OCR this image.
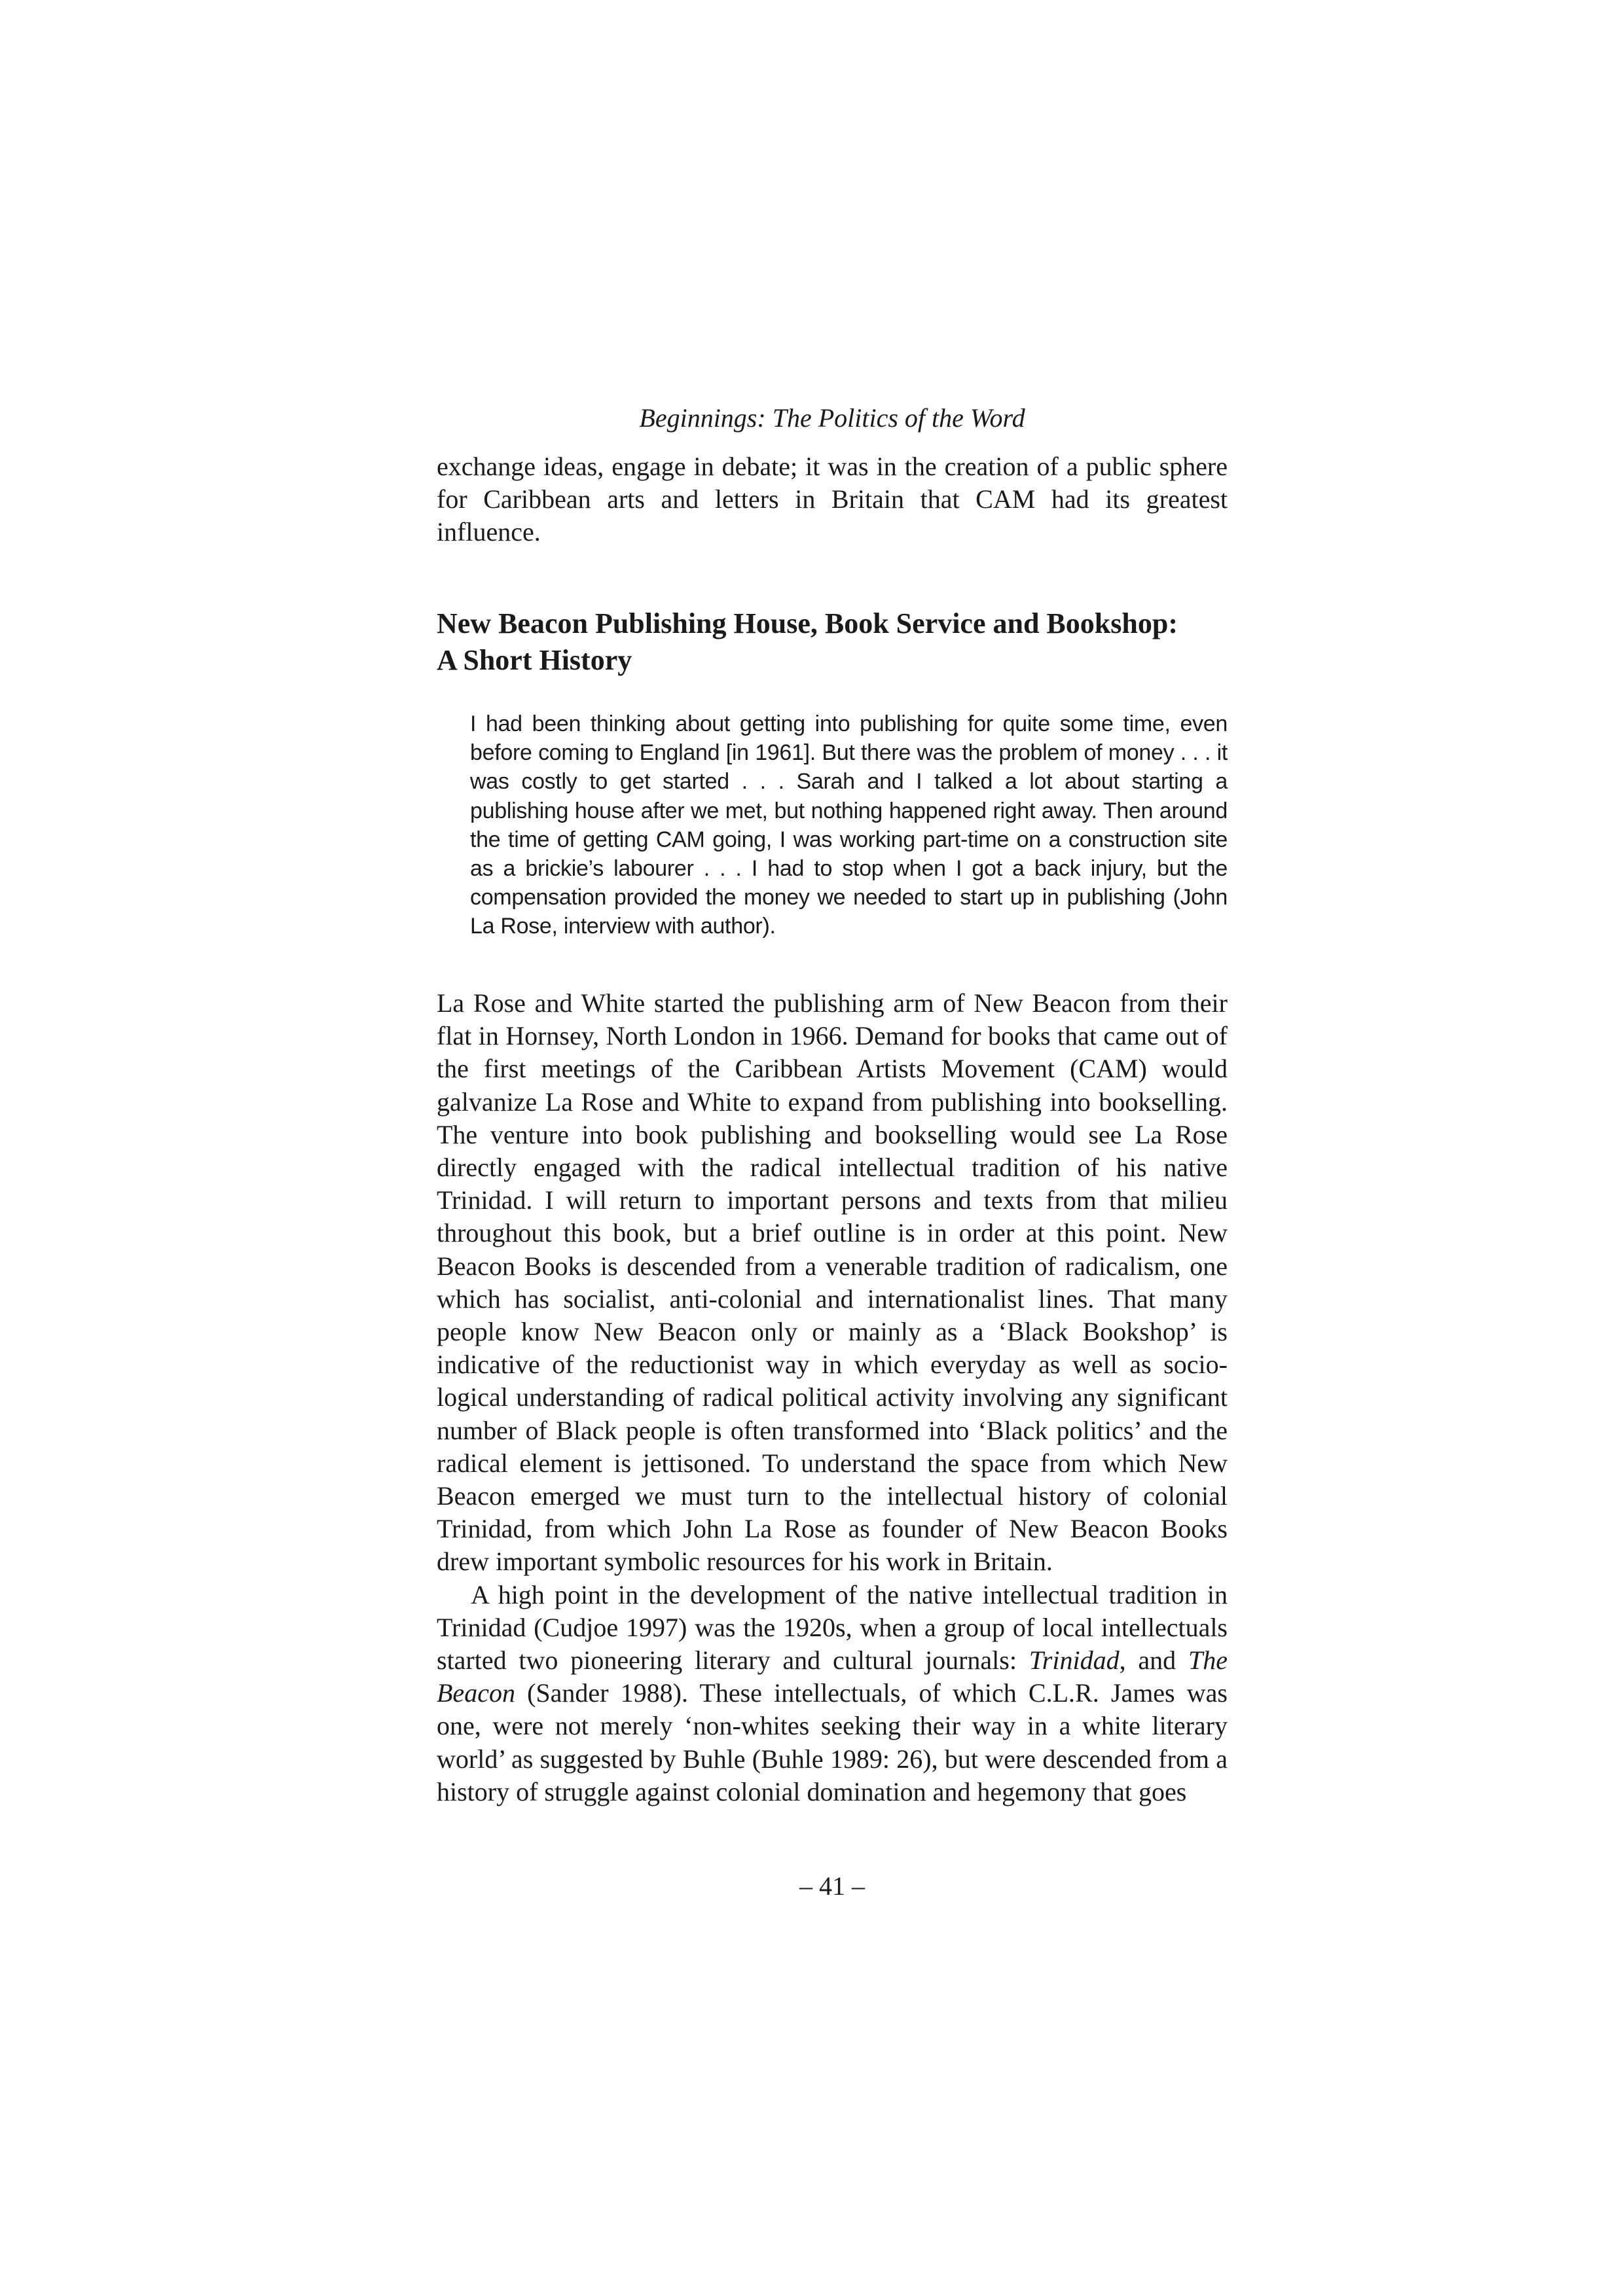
Beginnings: The Politics of the Word

exchange ideas, engage in debate; it was in the creation of a public sphere for Caribbean arts and letters in Britain that CAM had its greatest influence.

New Beacon Publishing House, Book Service and Bookshop:
A Short History

I had been thinking about getting into publishing for quite some time, even before coming to England [in 1961]. But there was the problem of money . . . it was costly to get started . . . Sarah and I talked a lot about starting a publishing house after we met, but nothing happened right away. Then around the time of getting CAM going, I was working part-time on a construction site as a brickie’s labourer . . . I had to stop when I got a back injury, but the compensation provided the money we needed to start up in publishing (John La Rose, interview with author).

La Rose and White started the publishing arm of New Beacon from their flat in Hornsey, North London in 1966. Demand for books that came out of the first meetings of the Caribbean Artists Movement (CAM) would galvanize La Rose and White to expand from publishing into bookselling. The venture into book publishing and bookselling would see La Rose directly engaged with the radical intellectual tradition of his native Trinidad. I will return to important persons and texts from that milieu throughout this book, but a brief outline is in order at this point. New Beacon Books is descended from a venerable tradition of radicalism, one which has socialist, anti-colonial and internationalist lines. That many people know New Beacon only or mainly as a ‘Black Bookshop’ is indicative of the reductionist way in which everyday as well as socio-logical understanding of radical political activity involving any significant number of Black people is often transformed into ‘Black politics’ and the radical element is jettisoned. To understand the space from which New Beacon emerged we must turn to the intellectual history of colonial Trinidad, from which John La Rose as founder of New Beacon Books drew important symbolic resources for his work in Britain.

A high point in the development of the native intellectual tradition in Trinidad (Cudjoe 1997) was the 1920s, when a group of local intellectuals started two pioneering literary and cultural journals: Trinidad, and The Beacon (Sander 1988). These intellectuals, of which C.L.R. James was one, were not merely ‘non-whites seeking their way in a white literary world’ as suggested by Buhle (Buhle 1989: 26), but were descended from a history of struggle against colonial domination and hegemony that goes

– 41 –
